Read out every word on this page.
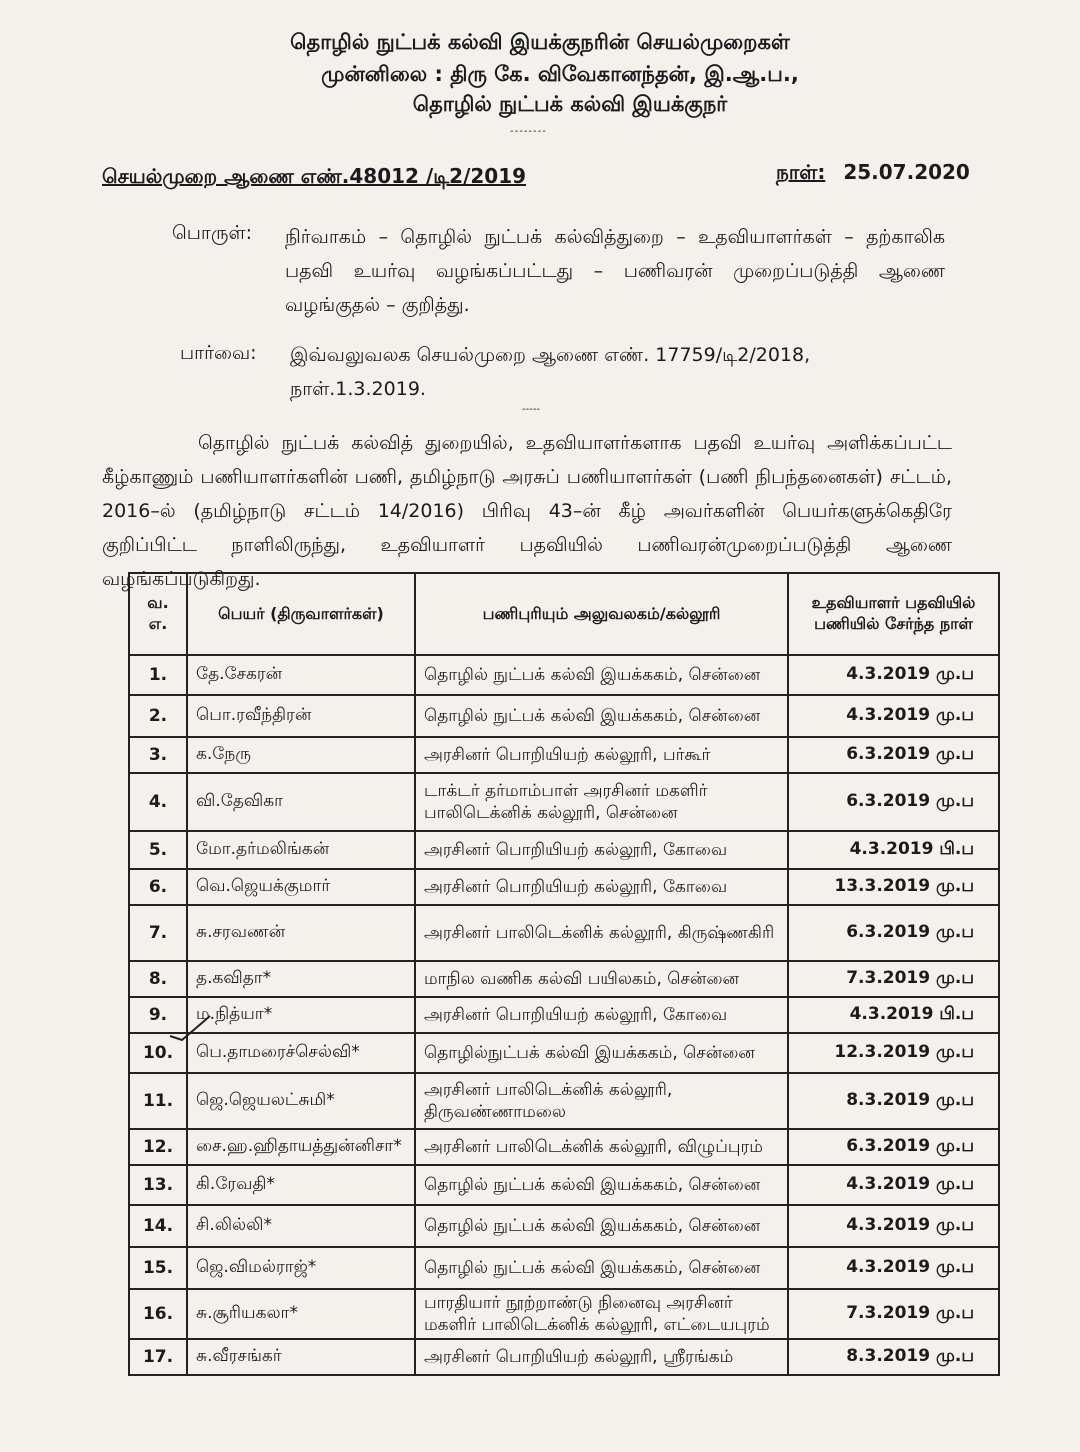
தொழில் நுட்பக் கல்வி இயக்குநரின் செயல்முறைகள்
முன்னிலை : திரு கே. விவேகானந்தன், இ.ஆ.ப.,
தொழில் நுட்பக் கல்வி இயக்குநர்
--------
செயல்முறை ஆணை எண்.48012 /டி2/2019	நாள்: 25.07.2020
பொருள்: நிர்வாகம் – தொழில் நுட்பக் கல்வித்துறை – உதவியாளர்கள் – தற்காலிக பதவி உயர்வு வழங்கப்பட்டது – பணிவரன் முறைப்படுத்தி ஆணை வழங்குதல் – குறித்து.
பார்வை: இவ்வலுவலக செயல்முறை ஆணை எண். 17759/டி2/2018, நாள்.1.3.2019.
-----
தொழில் நுட்பக் கல்வித் துறையில், உதவியாளர்களாக பதவி உயர்வு அளிக்கப்பட்ட கீழ்காணும் பணியாளர்களின் பணி, தமிழ்நாடு அரசுப் பணியாளர்கள் (பணி நிபந்தனைகள்) சட்டம், 2016–ல் (தமிழ்நாடு சட்டம் 14/2016) பிரிவு 43–ன் கீழ் அவர்களின் பெயர்களுக்கெதிரே குறிப்பிட்ட நாளிலிருந்து, உதவியாளர் பதவியில் பணிவரன்முறைப்படுத்தி ஆணை வழங்கப்படுகிறது.
வ. எ.	பெயர் (திருவாளர்கள்)	பணிபுரியும் அலுவலகம்/கல்லூரி	உதவியாளர் பதவியில் பணியில் சேர்ந்த நாள்
1.	தே.சேகரன்	தொழில் நுட்பக் கல்வி இயக்ககம், சென்னை	4.3.2019 மு.ப
2.	பொ.ரவீந்திரன்	தொழில் நுட்பக் கல்வி இயக்ககம், சென்னை	4.3.2019 மு.ப
3.	க.நேரு	அரசினர் பொறியியற் கல்லூரி, பர்கூர்	6.3.2019 மு.ப
4.	வி.தேவிகா	டாக்டர் தர்மாம்பாள் அரசினர் மகளிர் பாலிடெக்னிக் கல்லூரி, சென்னை	6.3.2019 மு.ப
5.	மோ.தர்மலிங்கன்	அரசினர் பொறியியற் கல்லூரி, கோவை	4.3.2019 பி.ப
6.	வெ.ஜெயக்குமார்	அரசினர் பொறியியற் கல்லூரி, கோவை	13.3.2019 மு.ப
7.	சு.சரவணன்	அரசினர் பாலிடெக்னிக் கல்லூரி, கிருஷ்ணகிரி	6.3.2019 மு.ப
8.	த.கவிதா*	மாநில வணிக கல்வி பயிலகம், சென்னை	7.3.2019 மு.ப
9.	ம.நித்யா*	அரசினர் பொறியியற் கல்லூரி, கோவை	4.3.2019 பி.ப
10.	பெ.தாமரைச்செல்வி*	தொழில்நுட்பக் கல்வி இயக்ககம், சென்னை	12.3.2019 மு.ப
11.	ஜெ.ஜெயலட்சுமி*	அரசினர் பாலிடெக்னிக் கல்லூரி, திருவண்ணாமலை	8.3.2019 மு.ப
12.	சை.ஹ.ஹிதாயத்துன்னிசா*	அரசினர் பாலிடெக்னிக் கல்லூரி, விழுப்புரம்	6.3.2019 மு.ப
13.	கி.ரேவதி*	தொழில் நுட்பக் கல்வி இயக்ககம், சென்னை	4.3.2019 மு.ப
14.	சி.லில்லி*	தொழில் நுட்பக் கல்வி இயக்ககம், சென்னை	4.3.2019 மு.ப
15.	ஜெ.விமல்ராஜ்*	தொழில் நுட்பக் கல்வி இயக்ககம், சென்னை	4.3.2019 மு.ப
16.	சு.சூரியகலா*	பாரதியார் நூற்றாண்டு நினைவு அரசினர் மகளிர் பாலிடெக்னிக் கல்லூரி, எட்டையபுரம்	7.3.2019 மு.ப
17.	சு.வீரசங்கர்	அரசினர் பொறியியற் கல்லூரி, ஸ்ரீரங்கம்	8.3.2019 மு.ப
